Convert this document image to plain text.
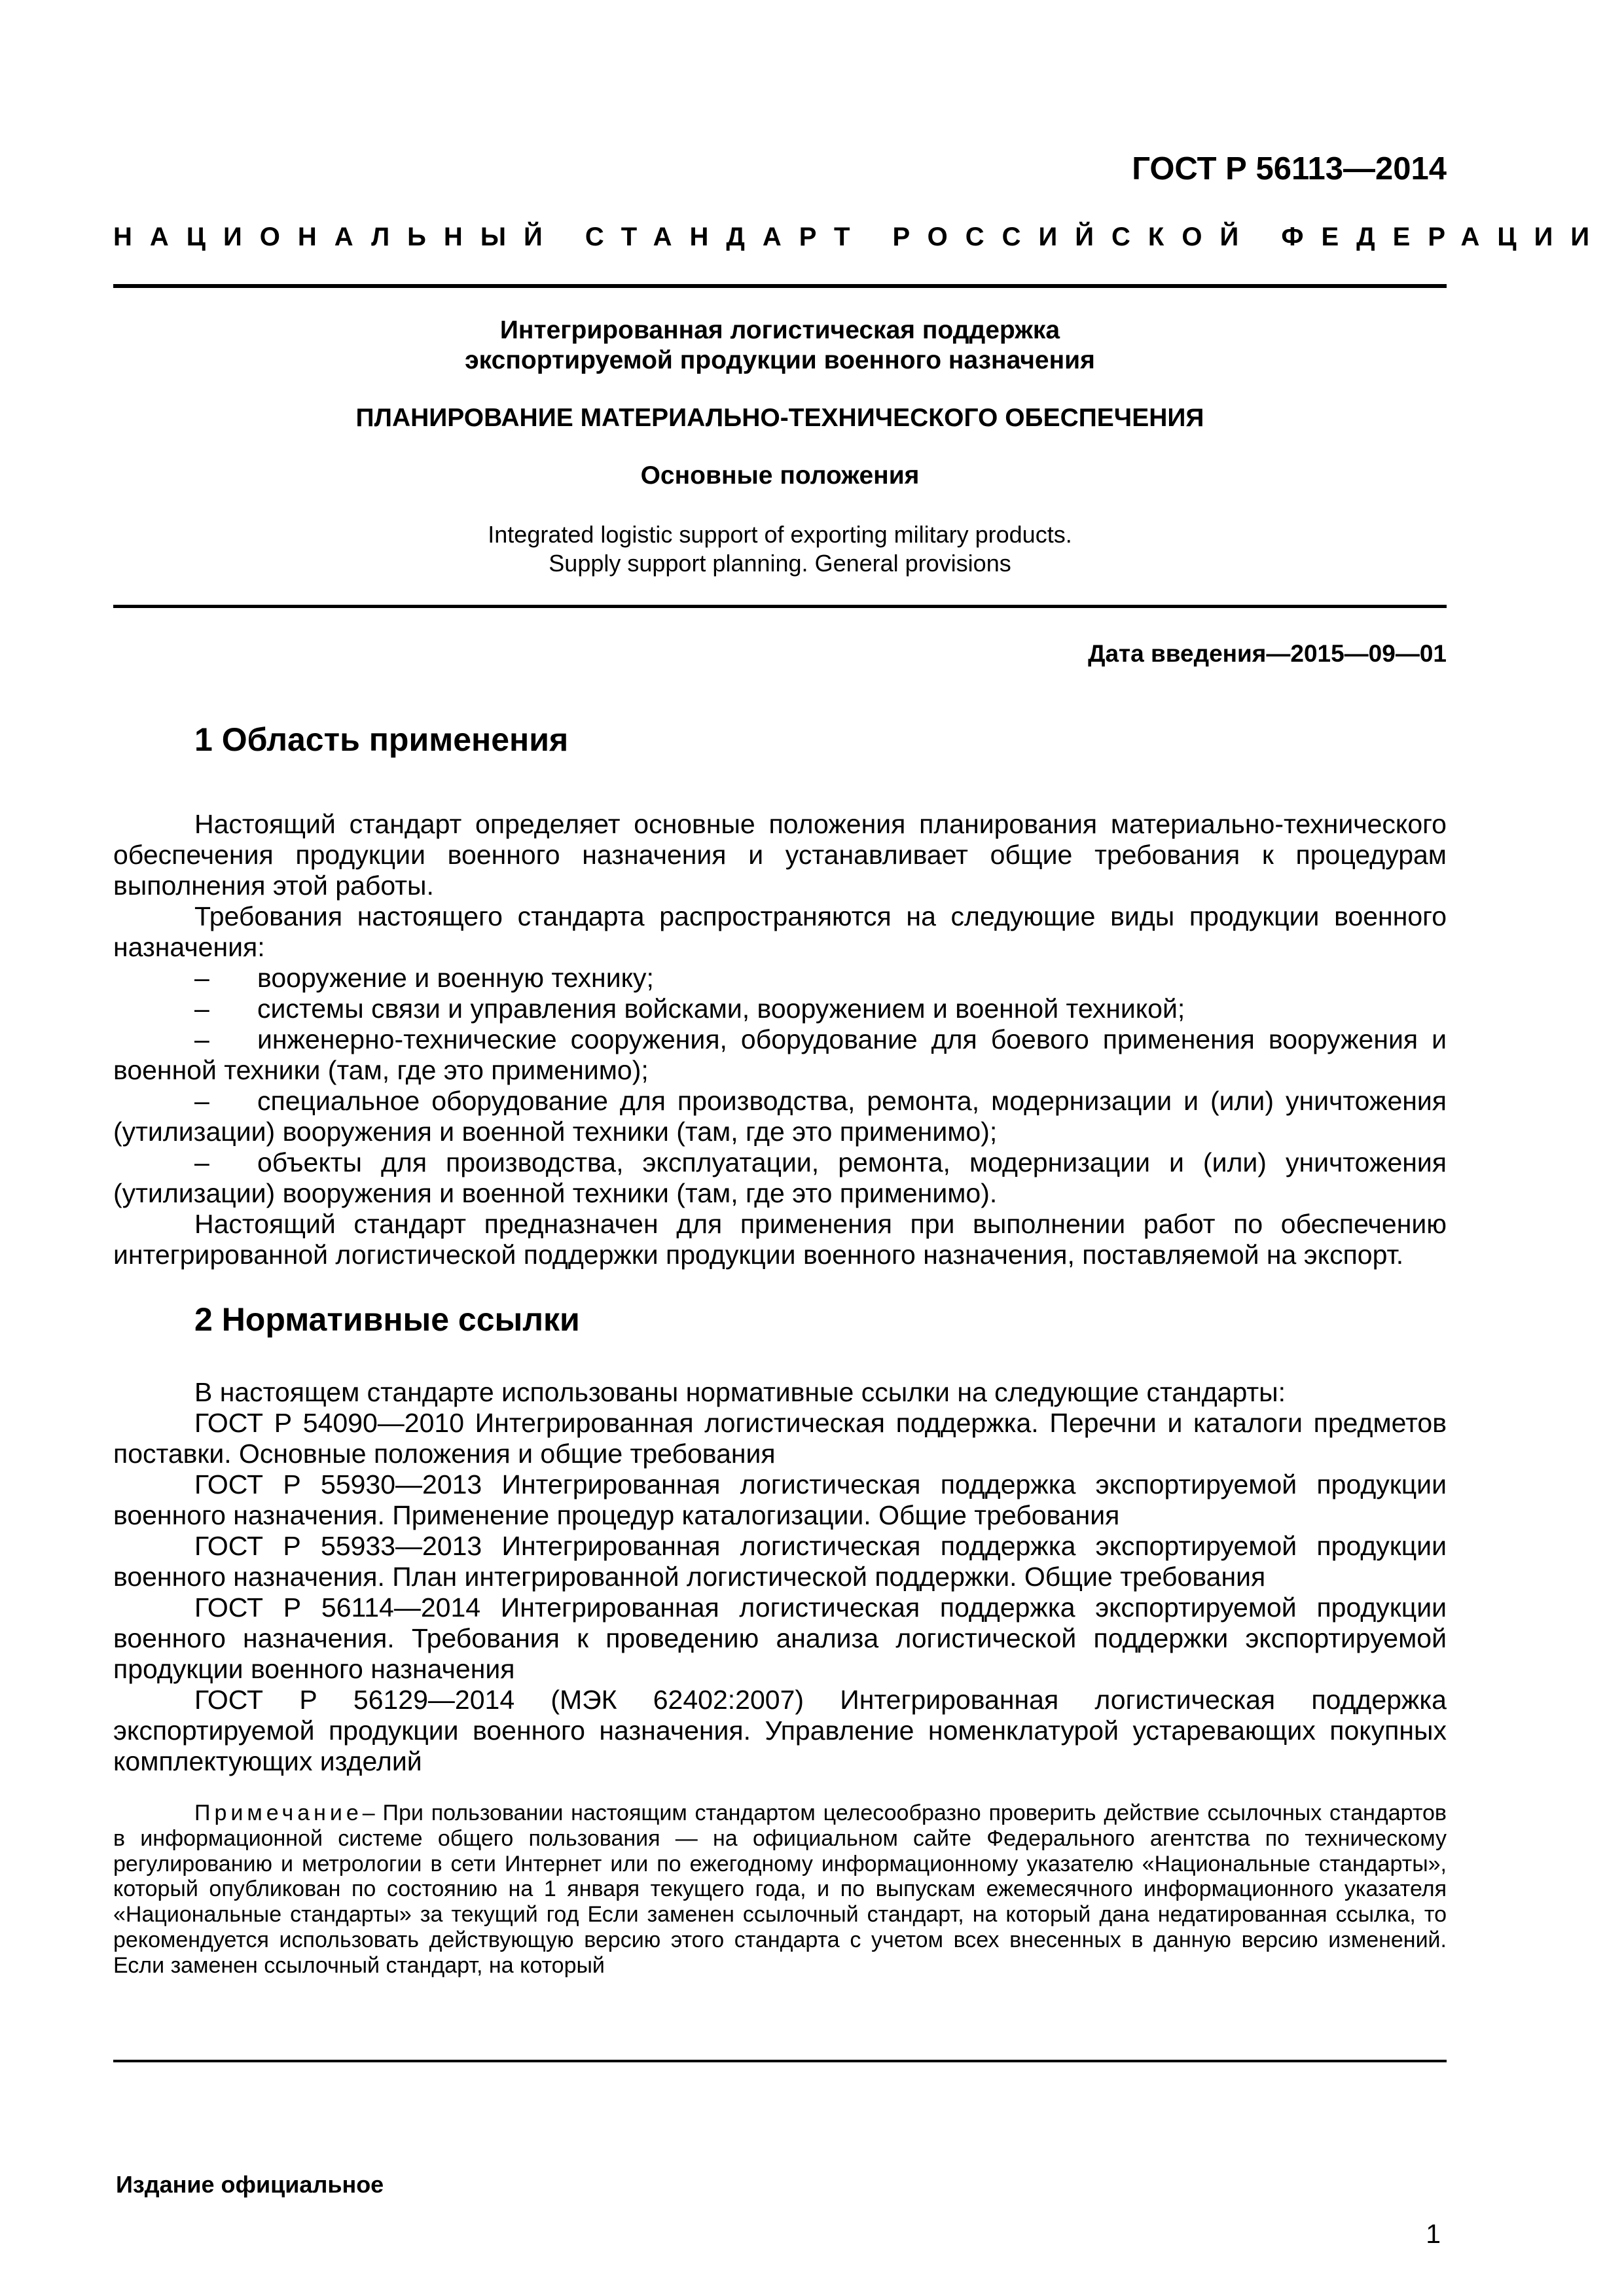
ГОСТ Р 56113—2014
НАЦИОНАЛЬНЫЙ СТАНДАРТ РОССИЙСКОЙ ФЕДЕРАЦИИ
Интегрированная логистическая поддержка
экспортируемой продукции военного назначения
ПЛАНИРОВАНИЕ МАТЕРИАЛЬНО-ТЕХНИЧЕСКОГО ОБЕСПЕЧЕНИЯ
Основные положения
Integrated logistic support of exporting military products.
Supply support planning. General provisions
Дата введения—2015—09—01
1 Область применения

Настоящий стандарт определяет основные положения планирования материально-технического обеспечения продукции военного назначения и устанавливает общие требования к процедурам выполнения этой работы.

Требования настоящего стандарта распространяются на следующие виды продукции военного назначения:

– вооружение и военную технику;

– системы связи и управления войсками, вооружением и военной техникой;

– инженерно-технические сооружения, оборудование для боевого применения вооружения и военной техники (там, где это применимо);

– специальное оборудование для производства, ремонта, модернизации и (или) уничтожения (утилизации) вооружения и военной техники (там, где это применимо);

– объекты для производства, эксплуатации, ремонта, модернизации и (или) уничтожения (утилизации) вооружения и военной техники (там, где это применимо).

Настоящий стандарт предназначен для применения при выполнении работ по обеспечению интегрированной логистической поддержки продукции военного назначения, поставляемой на экспорт.

2 Нормативные ссылки

В настоящем стандарте использованы нормативные ссылки на следующие стандарты:

ГОСТ Р 54090—2010 Интегрированная логистическая поддержка. Перечни и каталоги предметов поставки. Основные положения и общие требования

ГОСТ Р 55930—2013 Интегрированная логистическая поддержка экспортируемой продукции военного назначения. Применение процедур каталогизации. Общие требования

ГОСТ Р 55933—2013 Интегрированная логистическая поддержка экспортируемой продукции военного назначения. План интегрированной логистической поддержки. Общие требования

ГОСТ Р 56114—2014 Интегрированная логистическая поддержка экспортируемой продукции военного назначения. Требования к проведению анализа логистической поддержки экспортируемой продукции военного назначения

ГОСТ Р 56129—2014 (МЭК 62402:2007) Интегрированная логистическая поддержка экспортируемой продукции военного назначения. Управление номенклатурой устаревающих покупных комплектующих изделий

Примечание– При пользовании настоящим стандартом целесообразно проверить действие ссылочных стандартов в информационной системе общего пользования — на официальном сайте Федерального агентства по техническому регулированию и метрологии в сети Интернет или по ежегодному информационному указателю «Национальные стандарты», который опубликован по состоянию на 1 января текущего года, и по выпускам ежемесячного информационного указателя «Национальные стандарты» за текущий год Если заменен ссылочный стандарт, на который дана недатированная ссылка, то рекомендуется использовать действующую версию этого стандарта с учетом всех внесенных в данную версию изменений. Если заменен ссылочный стандарт, на который

Издание официальное
1
